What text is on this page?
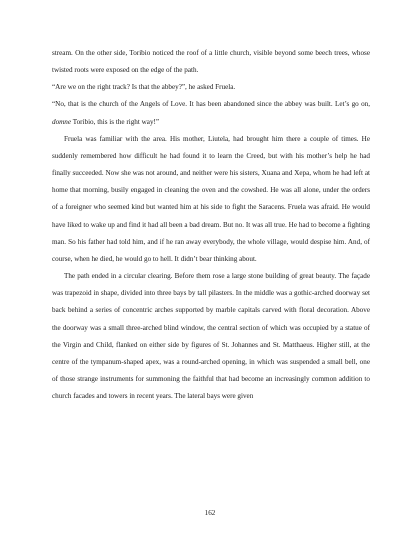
stream. On the other side, Toribio noticed the roof of a little church, visible beyond some beech trees, whose twisted roots were exposed on the edge of the path.

“Are we on the right track? Is that the abbey?”, he asked Fruela.

“No, that is the church of the Angels of Love. It has been abandoned since the abbey was built. Let’s go on, domne Toribio, this is the right way!”

Fruela was familiar with the area. His mother, Liutela, had brought him there a couple of times. He suddenly remembered how difficult he had found it to learn the Creed, but with his mother’s help he had finally succeeded. Now she was not around, and neither were his sisters, Xuana and Xepa, whom he had left at home that morning, busily engaged in cleaning the oven and the cowshed. He was all alone, under the orders of a foreigner who seemed kind but wanted him at his side to fight the Saracens. Fruela was afraid. He would have liked to wake up and find it had all been a bad dream. But no. It was all true. He had to become a fighting man. So his father had told him, and if he ran away everybody, the whole village, would despise him. And, of course, when he died, he would go to hell. It didn’t bear thinking about.

The path ended in a circular clearing. Before them rose a large stone building of great beauty. The façade was trapezoid in shape, divided into three bays by tall pilasters. In the middle was a gothic-arched doorway set back behind a series of concentric arches supported by marble capitals carved with floral decoration. Above the doorway was a small three-arched blind window, the central section of which was occupied by a statue of the Virgin and Child, flanked on either side by figures of St. Johannes and St. Matthaeus. Higher still, at the centre of the tympanum-shaped apex, was a round-arched opening, in which was suspended a small bell, one of those strange instruments for summoning the faithful that had become an increasingly common addition to church facades and towers in recent years. The lateral bays were given

162
